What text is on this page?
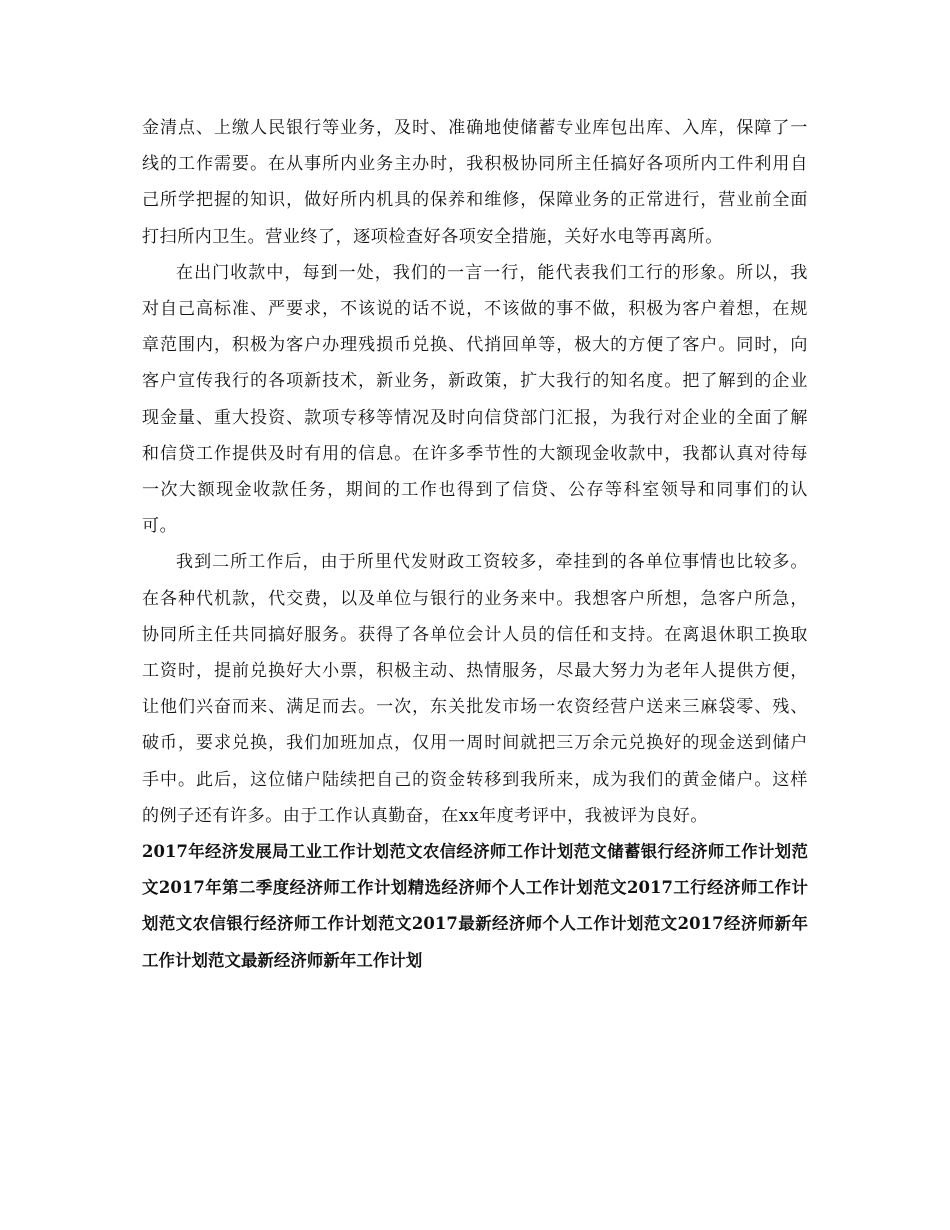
金清点、上缴人民银行等业务，及时、准确地使储蓄专业库包出库、入库，保障了一线的工作需要。在从事所内业务主办时，我积极协同所主任搞好各项所内工件利用自己所学把握的知识，做好所内机具的保养和维修，保障业务的正常进行，营业前全面打扫所内卫生。营业终了，逐项检查好各项安全措施，关好水电等再离所。

在出门收款中，每到一处，我们的一言一行，能代表我们工行的形象。所以，我对自己高标准、严要求，不该说的话不说，不该做的事不做，积极为客户着想，在规章范围内，积极为客户办理残损币兑换、代捎回单等，极大的方便了客户。同时，向客户宣传我行的各项新技术，新业务，新政策，扩大我行的知名度。把了解到的企业现金量、重大投资、款项专移等情况及时向信贷部门汇报，为我行对企业的全面了解和信贷工作提供及时有用的信息。在许多季节性的大额现金收款中，我都认真对待每一次大额现金收款任务，期间的工作也得到了信贷、公存等科室领导和同事们的认可。

我到二所工作后，由于所里代发财政工资较多，牵挂到的各单位事情也比较多。在各种代机款，代交费，以及单位与银行的业务来中。我想客户所想，急客户所急，协同所主任共同搞好服务。获得了各单位会计人员的信任和支持。在离退休职工换取工资时，提前兑换好大小票，积极主动、热情服务，尽最大努力为老年人提供方便，让他们兴奋而来、满足而去。一次，东关批发市场一农资经营户送来三麻袋零、残、破币，要求兑换，我们加班加点，仅用一周时间就把三万余元兑换好的现金送到储户手中。此后，这位储户陆续把自己的资金转移到我所来，成为我们的黄金储户。这样的例子还有许多。由于工作认真勤奋，在xx年度考评中，我被评为良好。

2017年经济发展局工业工作计划范文农信经济师工作计划范文储蓄银行经济师工作计划范文2017年第二季度经济师工作计划精选经济师个人工作计划范文2017工行经济师工作计划范文农信银行经济师工作计划范文2017最新经济师个人工作计划范文2017经济师新年工作计划范文最新经济师新年工作计划
